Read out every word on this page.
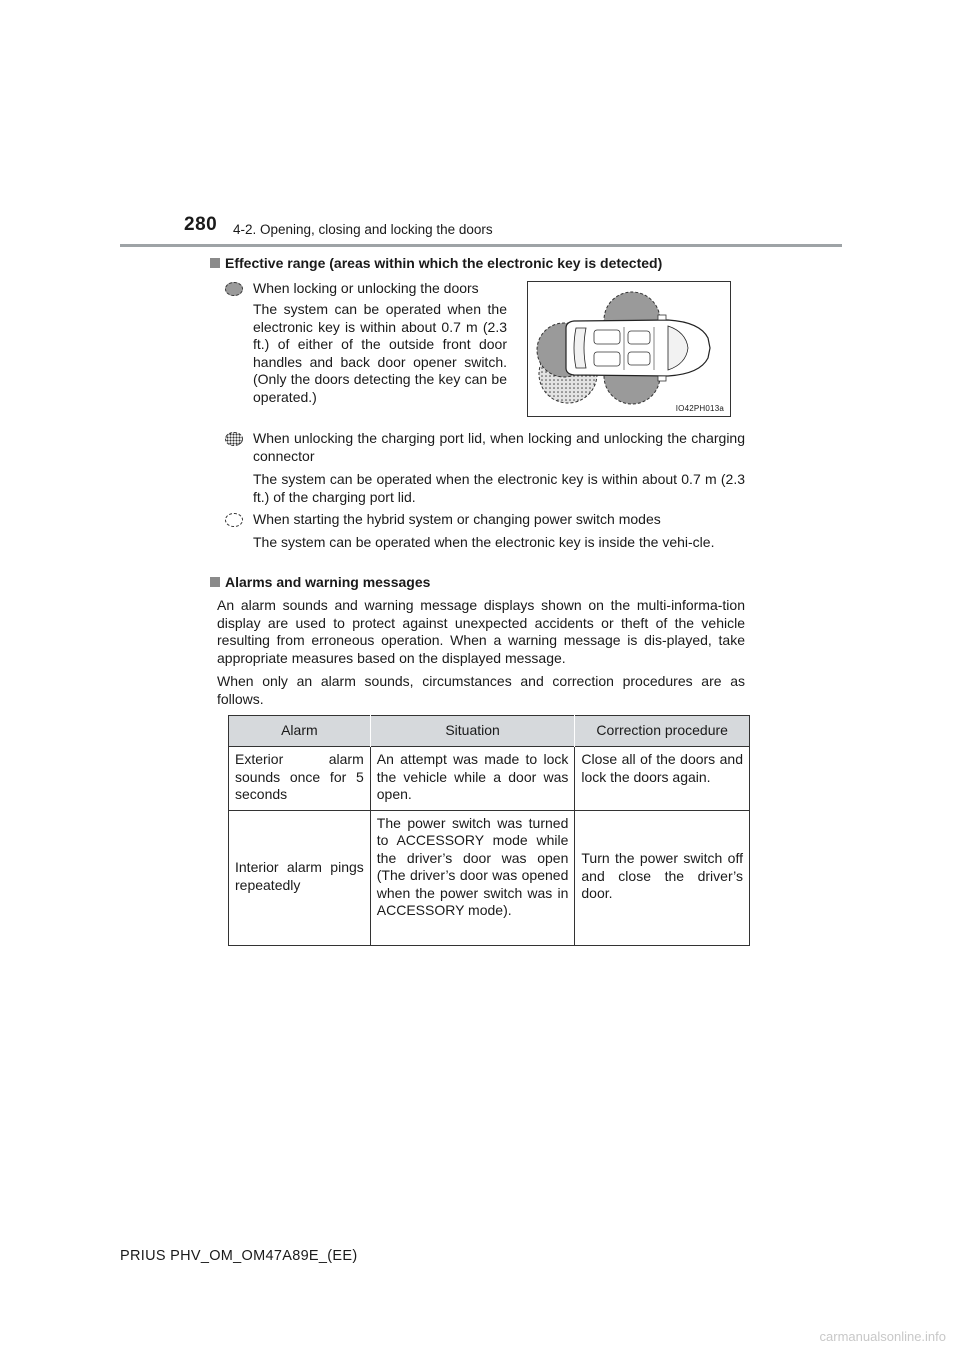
280 4-2. Opening, closing and locking the doors
Effective range (areas within which the electronic key is detected)
When locking or unlocking the doors
The system can be operated when the electronic key is within about 0.7 m (2.3 ft.) of either of the outside front door handles and back door opener switch. (Only the doors detecting the key can be operated.)
IO42PH013a
When unlocking the charging port lid, when locking and unlocking the charging connector
The system can be operated when the electronic key is within about 0.7 m (2.3 ft.) of the charging port lid.
When starting the hybrid system or changing power switch modes
The system can be operated when the electronic key is inside the vehi-cle.
Alarms and warning messages
An alarm sounds and warning message displays shown on the multi-informa-tion display are used to protect against unexpected accidents or theft of the vehicle resulting from erroneous operation. When a warning message is dis-played, take appropriate measures based on the displayed message.
When only an alarm sounds, circumstances and correction procedures are as follows.
Alarm	Situation	Correction procedure
Exterior alarm sounds once for 5 seconds	An attempt was made to lock the vehicle while a door was open.	Close all of the doors and lock the doors again.
Interior alarm pings repeatedly	The power switch was turned to ACCESSORY mode while the driver’s door was open (The driver’s door was opened when the power switch was in ACCESSORY mode).	Turn the power switch off and close the driver’s door.
PRIUS PHV_OM_OM47A89E_(EE)
carmanualsonline.info
